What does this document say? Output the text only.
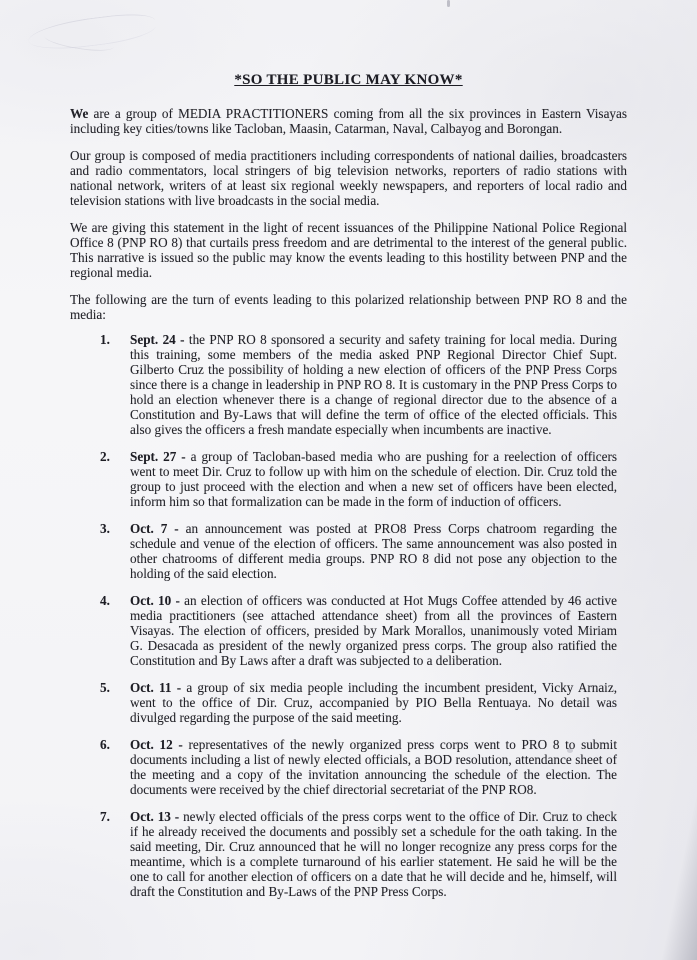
*SO THE PUBLIC MAY KNOW*

We are a group of MEDIA PRACTITIONERS coming from all the six provinces in Eastern Visayas including key cities/towns like Tacloban, Maasin, Catarman, Naval, Calbayog and Borongan.

Our group is composed of media practitioners including correspondents of national dailies, broadcasters and radio commentators, local stringers of big television networks, reporters of radio stations with national network, writers of at least six regional weekly newspapers, and reporters of local radio and television stations with live broadcasts in the social media.

We are giving this statement in the light of recent issuances of the Philippine National Police Regional Office 8 (PNP RO 8) that curtails press freedom and are detrimental to the interest of the general public. This narrative is issued so the public may know the events leading to this hostility between PNP and the regional media.

The following are the turn of events leading to this polarized relationship between PNP RO 8 and the media:

1.	Sept. 24 - the PNP RO 8 sponsored a security and safety training for local media. During this training, some members of the media asked PNP Regional Director Chief Supt. Gilberto Cruz the possibility of holding a new election of officers of the PNP Press Corps since there is a change in leadership in PNP RO 8. It is customary in the PNP Press Corps to hold an election whenever there is a change of regional director due to the absence of a Constitution and By-Laws that will define the term of office of the elected officials. This also gives the officers a fresh mandate especially when incumbents are inactive.
2.	Sept. 27 - a group of Tacloban-based media who are pushing for a reelection of officers went to meet Dir. Cruz to follow up with him on the schedule of election. Dir. Cruz told the group to just proceed with the election and when a new set of officers have been elected, inform him so that formalization can be made in the form of induction of officers.
3.	Oct. 7 - an announcement was posted at PRO8 Press Corps chatroom regarding the schedule and venue of the election of officers. The same announcement was also posted in other chatrooms of different media groups. PNP RO 8 did not pose any objection to the holding of the said election.
4.	Oct. 10 - an election of officers was conducted at Hot Mugs Coffee attended by 46 active media practitioners (see attached attendance sheet) from all the provinces of Eastern Visayas. The election of officers, presided by Mark Morallos, unanimously voted Miriam G. Desacada as president of the newly organized press corps. The group also ratified the Constitution and By Laws after a draft was subjected to a deliberation.
5.	Oct. 11 - a group of six media people including the incumbent president, Vicky Arnaiz, went to the office of Dir. Cruz, accompanied by PIO Bella Rentuaya. No detail was divulged regarding the purpose of the said meeting.
6.	Oct. 12 - representatives of the newly organized press corps went to PRO 8 to submit documents including a list of newly elected officials, a BOD resolution, attendance sheet of the meeting and a copy of the invitation announcing the schedule of the election. The documents were received by the chief directorial secretariat of the PNP RO8.
7.	Oct. 13 - newly elected officials of the press corps went to the office of Dir. Cruz to check if he already received the documents and possibly set a schedule for the oath taking. In the said meeting, Dir. Cruz announced that he will no longer recognize any press corps for the meantime, which is a complete turnaround of his earlier statement. He said he will be the one to call for another election of officers on a date that he will decide and he, himself, will draft the Constitution and By-Laws of the PNP Press Corps.
